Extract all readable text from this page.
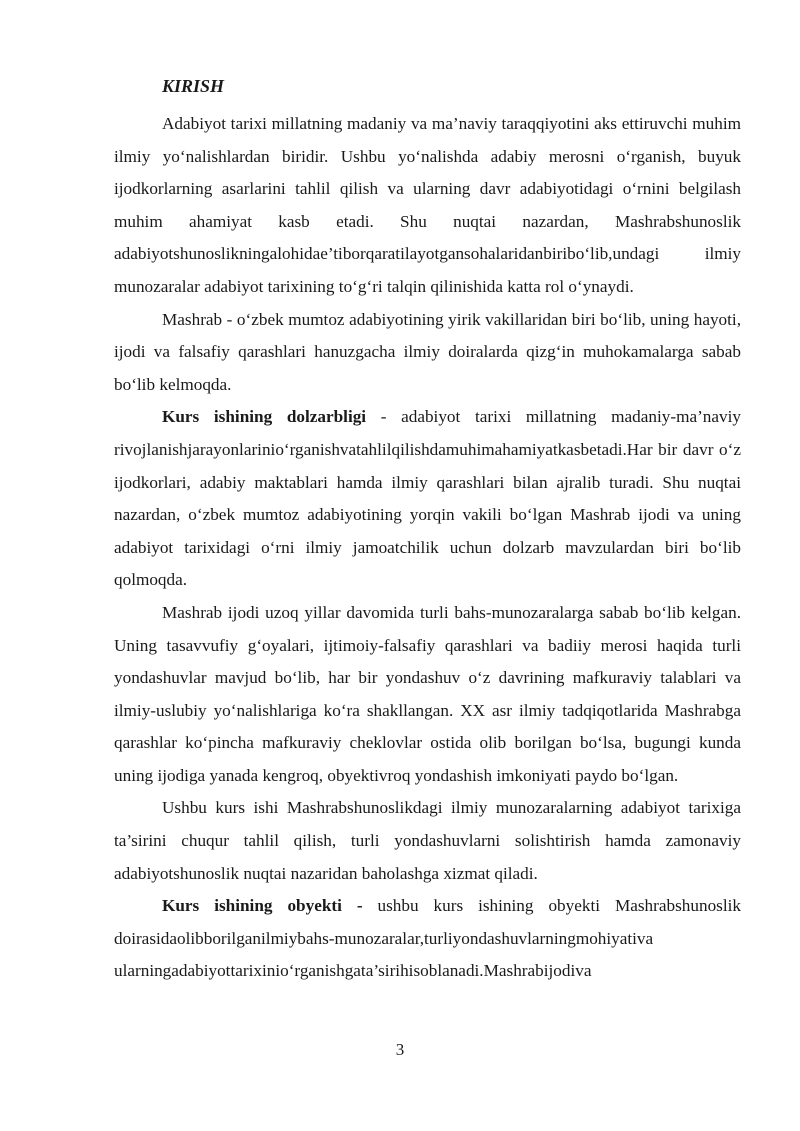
KIRISH

Adabiyot tarixi millatning madaniy va ma’naviy taraqqiyotini aks ettiruvchi muhim ilmiy yo‘nalishlardan biridir. Ushbu yo‘nalishda adabiy merosni o‘rganish, buyuk ijodkorlarning asarlarini tahlil qilish va ularning davr adabiyotidagi o‘rnini belgilash muhim ahamiyat kasb etadi. Shu nuqtai nazardan, Mashrabshunoslik adabiyotshunoslikningalohidae’tiborqaratilayotgansohalaridanbiribo‘lib,undagi ilmiy munozaralar adabiyot tarixining to‘g‘ri talqin qilinishida katta rol o‘ynaydi.

Mashrab - o‘zbek mumtoz adabiyotining yirik vakillaridan biri bo‘lib, uning hayoti, ijodi va falsafiy qarashlari hanuzgacha ilmiy doiralarda qizg‘in muhokamalarga sabab bo‘lib kelmoqda.

Kurs ishining dolzarbligi - adabiyot tarixi millatning madaniy-ma’naviy rivojlanishjarayonlarinio‘rganishvatahlilqilishdamuhimahamiyatkasbetadi.Har bir davr o‘z ijodkorlari, adabiy maktablari hamda ilmiy qarashlari bilan ajralib turadi. Shu nuqtai nazardan, o‘zbek mumtoz adabiyotining yorqin vakili bo‘lgan Mashrab ijodi va uning adabiyot tarixidagi o‘rni ilmiy jamoatchilik uchun dolzarb mavzulardan biri bo‘lib qolmoqda.

Mashrab ijodi uzoq yillar davomida turli bahs-munozaralarga sabab bo‘lib kelgan. Uning tasavvufiy g‘oyalari, ijtimoiy-falsafiy qarashlari va badiiy merosi haqida turli yondashuvlar mavjud bo‘lib, har bir yondashuv o‘z davrining mafkuraviy talablari va ilmiy-uslubiy yo‘nalishlariga ko‘ra shakllangan. XX asr ilmiy tadqiqotlarida Mashrabga qarashlar ko‘pincha mafkuraviy cheklovlar ostida olib borilgan bo‘lsa, bugungi kunda uning ijodiga yanada kengroq, obyektivroq yondashish imkoniyati paydo bo‘lgan.

Ushbu kurs ishi Mashrabshunoslikdagi ilmiy munozaralarning adabiyot tarixiga ta’sirini chuqur tahlil qilish, turli yondashuvlarni solishtirish hamda zamonaviy adabiyotshunoslik nuqtai nazaridan baholashga xizmat qiladi.

Kurs ishining obyekti - ushbu kurs ishining obyekti Mashrabshunoslik doirasidaolibborilganilmiybahs-munozaralar,turliyondashuvlarningmohiyativa ularningadabiyottarixinio‘rganishgata’sirihisoblanadi.Mashrabijodiva

3
